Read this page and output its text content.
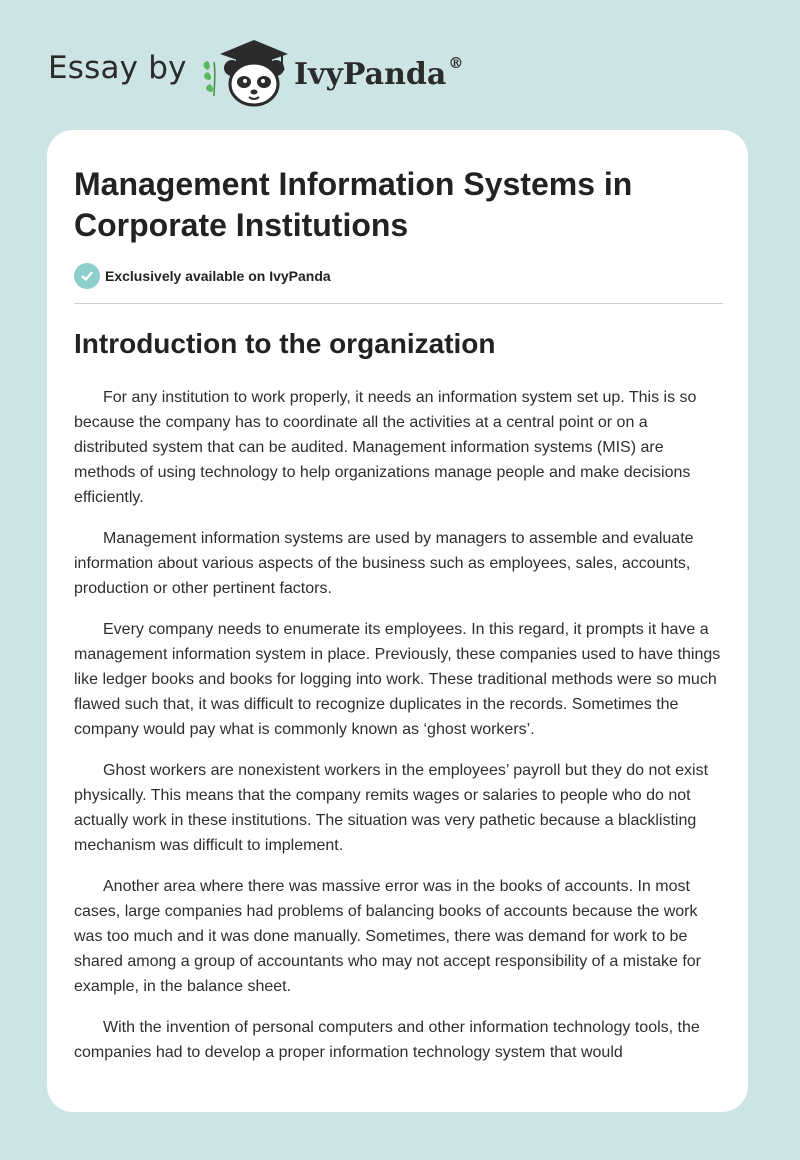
Essay by	IvyPanda ®
Management Information Systems in Corporate Institutions
Exclusively available on IvyPanda
Introduction to the organization

For any institution to work properly, it needs an information system set up. This is so because the company has to coordinate all the activities at a central point or on a distributed system that can be audited. Management information systems (MIS) are methods of using technology to help organizations manage people and make decisions efficiently.

Management information systems are used by managers to assemble and evaluate information about various aspects of the business such as employees, sales, accounts, production or other pertinent factors.

Every company needs to enumerate its employees. In this regard, it prompts it have a management information system in place. Previously, these companies used to have things like ledger books and books for logging into work. These traditional methods were so much flawed such that, it was difficult to recognize duplicates in the records. Sometimes the company would pay what is commonly known as ‘ghost workers’.

Ghost workers are nonexistent workers in the employees’ payroll but they do not exist physically. This means that the company remits wages or salaries to people who do not actually work in these institutions. The situation was very pathetic because a blacklisting mechanism was difficult to implement.

Another area where there was massive error was in the books of accounts. In most cases, large companies had problems of balancing books of accounts because the work was too much and it was done manually. Sometimes, there was demand for work to be shared among a group of accountants who may not accept responsibility of a mistake for example, in the balance sheet.

With the invention of personal computers and other information technology tools, the companies had to develop a proper information technology system that would
